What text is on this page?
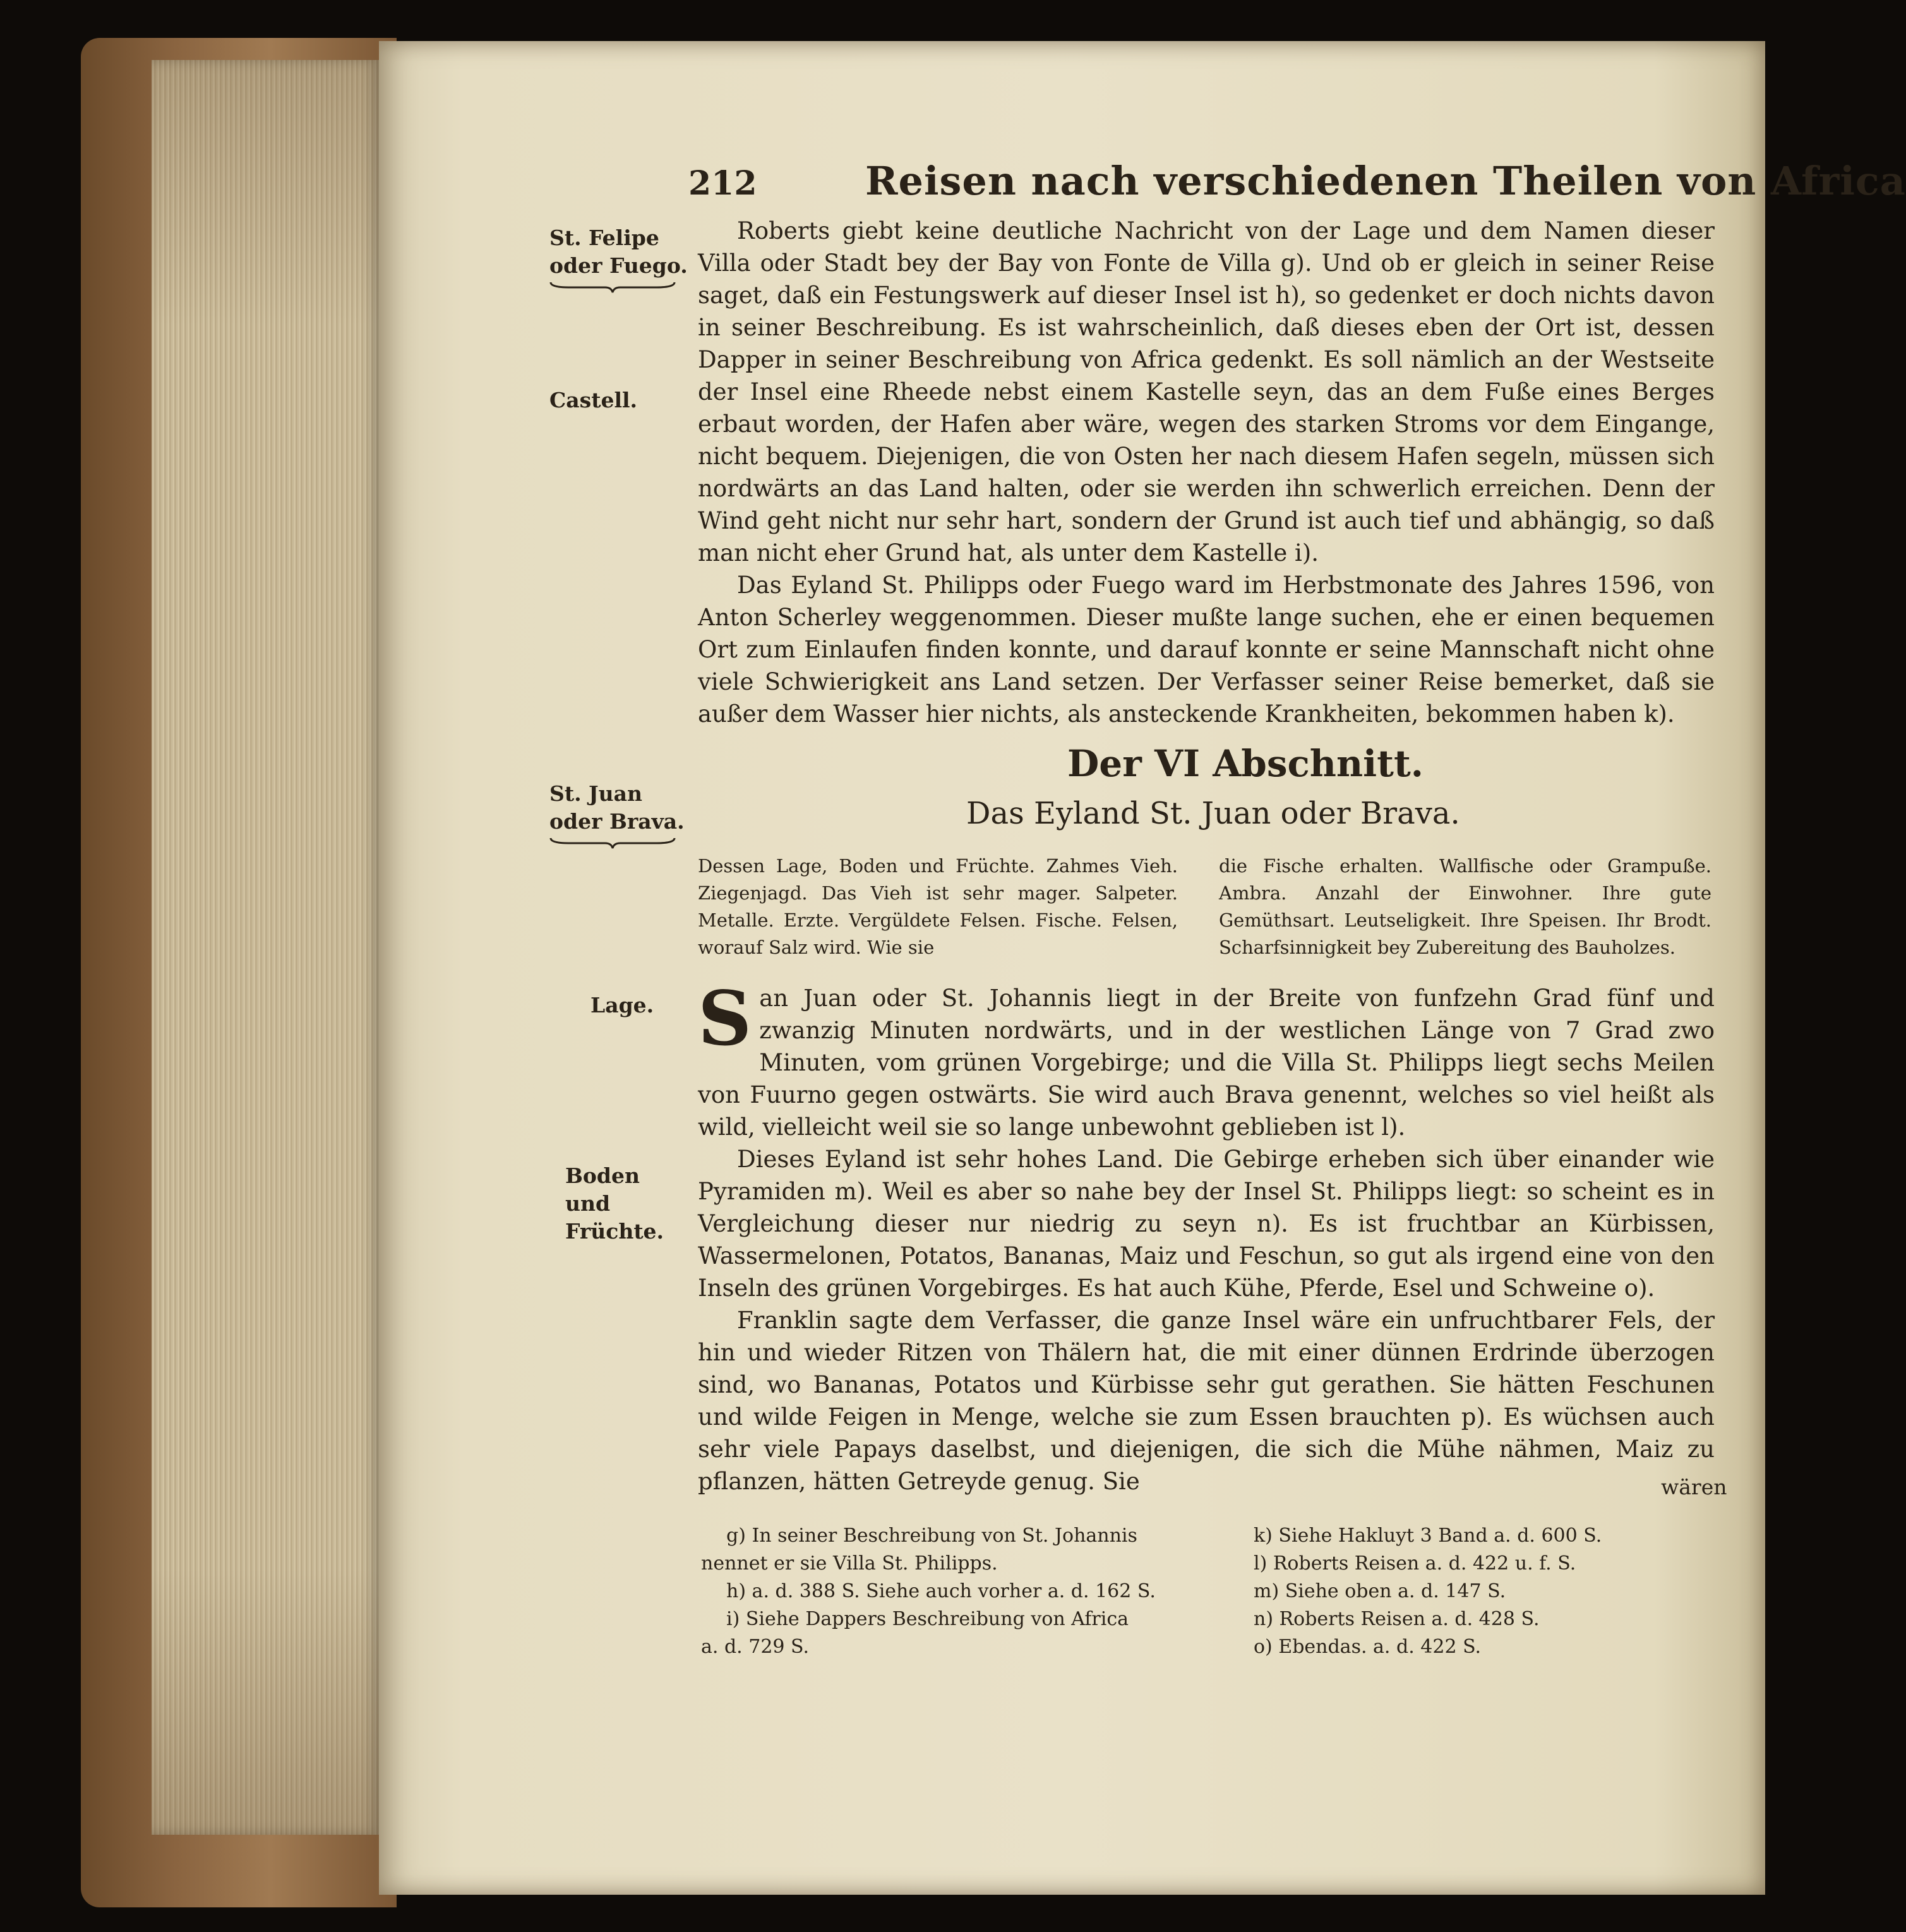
212	Reisen nach verschiedenen Theilen von Africa
St. Felipe oder Fuego.
Castell.
St. Juan oder Brava.
Lage.
Boden und Früchte.

Roberts giebt keine deutliche Nachricht von der Lage und dem Namen dieser Villa oder Stadt bey der Bay von Fonte de Villa g). Und ob er gleich in seiner Reise saget, daß ein Festungswerk auf dieser Insel ist h), so gedenket er doch nichts davon in seiner Beschreibung. Es ist wahrscheinlich, daß dieses eben der Ort ist, dessen Dapper in seiner Beschreibung von Africa gedenkt. Es soll nämlich an der Westseite der Insel eine Rheede nebst einem Kastelle seyn, das an dem Fuße eines Berges erbaut worden, der Hafen aber wäre, wegen des starken Stroms vor dem Eingange, nicht bequem. Diejenigen, die von Osten her nach diesem Hafen segeln, müssen sich nordwärts an das Land halten, oder sie werden ihn schwerlich erreichen. Denn der Wind geht nicht nur sehr hart, sondern der Grund ist auch tief und abhängig, so daß man nicht eher Grund hat, als unter dem Kastelle i).

Das Eyland St. Philipps oder Fuego ward im Herbstmonate des Jahres 1596, von Anton Scherley weggenommen. Dieser mußte lange suchen, ehe er einen bequemen Ort zum Einlaufen finden konnte, und darauf konnte er seine Mannschaft nicht ohne viele Schwierigkeit ans Land setzen. Der Verfasser seiner Reise bemerket, daß sie außer dem Wasser hier nichts, als ansteckende Krankheiten, bekommen haben k).

Der VI Abschnitt.
Das Eyland St. Juan oder Brava.
Dessen Lage, Boden und Früchte. Zahmes Vieh. Ziegenjagd. Das Vieh ist sehr mager. Salpeter. Metalle. Erzte. Vergüldete Felsen. Fische. Felsen, worauf Salz wird. Wie sie
die Fische erhalten. Wallfische oder Grampuße. Ambra. Anzahl der Einwohner. Ihre gute Gemüthsart. Leutseligkeit. Ihre Speisen. Ihr Brodt. Scharfsinnigkeit bey Zubereitung des Bauholzes.

San Juan oder St. Johannis liegt in der Breite von funfzehn Grad fünf und zwanzig Minuten nordwärts, und in der westlichen Länge von 7 Grad zwo Minuten, vom grünen Vorgebirge; und die Villa St. Philipps liegt sechs Meilen von Fuurno gegen ostwärts. Sie wird auch Brava genennt, welches so viel heißt als wild, vielleicht weil sie so lange unbewohnt geblieben ist l).

Dieses Eyland ist sehr hohes Land. Die Gebirge erheben sich über einander wie Pyramiden m). Weil es aber so nahe bey der Insel St. Philipps liegt: so scheint es in Vergleichung dieser nur niedrig zu seyn n). Es ist fruchtbar an Kürbissen, Wassermelonen, Potatos, Bananas, Maiz und Feschun, so gut als irgend eine von den Inseln des grünen Vorgebirges. Es hat auch Kühe, Pferde, Esel und Schweine o).

Franklin sagte dem Verfasser, die ganze Insel wäre ein unfruchtbarer Fels, der hin und wieder Ritzen von Thälern hat, die mit einer dünnen Erdrinde überzogen sind, wo Bananas, Potatos und Kürbisse sehr gut gerathen. Sie hätten Feschunen und wilde Feigen in Menge, welche sie zum Essen brauchten p). Es wüchsen auch sehr viele Papays daselbst, und diejenigen, die sich die Mühe nähmen, Maiz zu pflanzen, hätten Getreyde genug. Sie	wären

g) In seiner Beschreibung von St. Johannis

nennet er sie Villa St. Philipps.

h) a. d. 388 S. Siehe auch vorher a. d. 162 S.

i) Siehe Dappers Beschreibung von Africa

a. d. 729 S.

k) Siehe Hakluyt 3 Band a. d. 600 S.

l) Roberts Reisen a. d. 422 u. f. S.

m) Siehe oben a. d. 147 S.

n) Roberts Reisen a. d. 428 S.

o) Ebendas. a. d. 422 S.
